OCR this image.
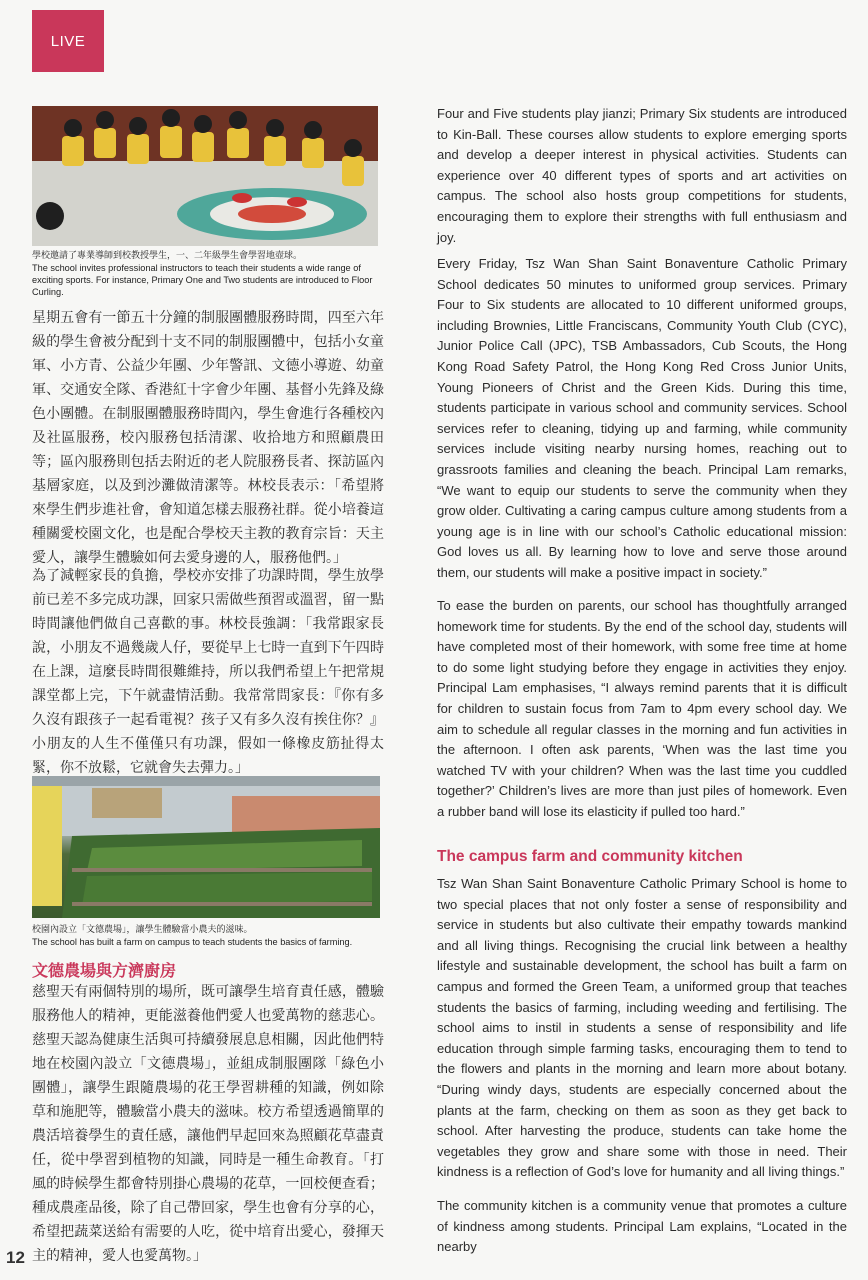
LIVE
學校邀請了專業導師到校教授學生，一、二年級學生會學習地壺球。
The school invites professional instructors to teach their students a wide range of exciting sports. For instance, Primary One and Two students are introduced to Floor Curling.

星期五會有一節五十分鐘的制服團體服務時間，四至六年級的學生會被分配到十支不同的制服團體中，包括小女童軍、小方青、公益少年團、少年警訊、文德小導遊、幼童軍、交通安全隊、香港紅十字會少年團、基督小先鋒及綠色小團體。在制服團體服務時間內，學生會進行各種校內及社區服務，校內服務包括清潔、收拾地方和照顧農田等；區內服務則包括去附近的老人院服務長者、探訪區內基層家庭，以及到沙灘做清潔等。林校長表示：「希望將來學生們步進社會，會知道怎樣去服務社群。從小培養這種關愛校園文化，也是配合學校天主教的教育宗旨：天主愛人，讓學生體驗如何去愛身邊的人，服務他們。」

為了減輕家長的負擔，學校亦安排了功課時間，學生放學前已差不多完成功課，回家只需做些預習或溫習，留一點時間讓他們做自己喜歡的事。林校長強調：「我常跟家長說，小朋友不過幾歲人仔，要從早上七時一直到下午四時在上課，這麼長時間很難維持，所以我們希望上午把常規課堂都上完，下午就盡情活動。我常常問家長：『你有多久沒有跟孩子一起看電視？孩子又有多久沒有挨住你？』小朋友的人生不僅僅只有功課，假如一條橡皮筋扯得太緊，你不放鬆，它就會失去彈力。」

校園內設立「文德農場」，讓學生體驗當小農夫的滋味。
The school has built a farm on campus to teach students the basics of farming.
文德農場與方濟廚房

慈聖天有兩個特別的場所，既可讓學生培育責任感，體驗服務他人的精神，更能滋養他們愛人也愛萬物的慈悲心。慈聖天認為健康生活與可持續發展息息相關，因此他們特地在校園內設立「文德農場」，並組成制服團隊「綠色小團體」，讓學生跟隨農場的花王學習耕種的知識，例如除草和施肥等，體驗當小農夫的滋味。校方希望透過簡單的農活培養學生的責任感，讓他們早起回來為照顧花草盡責任，從中學習到植物的知識，同時是一種生命教育。「打風的時候學生都會特別掛心農場的花草，一回校便查看；種成農產品後，除了自己帶回家，學生也會有分享的心，希望把蔬菜送給有需要的人吃，從中培育出愛心，發揮天主的精神，愛人也愛萬物。」

Four and Five students play jianzi; Primary Six students are introduced to Kin-Ball. These courses allow students to explore emerging sports and develop a deeper interest in physical activities. Students can experience over 40 different types of sports and art activities on campus. The school also hosts group competitions for students, encouraging them to explore their strengths with full enthusiasm and joy.

Every Friday, Tsz Wan Shan Saint Bonaventure Catholic Primary School dedicates 50 minutes to uniformed group services. Primary Four to Six students are allocated to 10 different uniformed groups, including Brownies, Little Franciscans, Community Youth Club (CYC), Junior Police Call (JPC), TSB Ambassadors, Cub Scouts, the Hong Kong Road Safety Patrol, the Hong Kong Red Cross Junior Units, Young Pioneers of Christ and the Green Kids. During this time, students participate in various school and community services. School services refer to cleaning, tidying up and farming, while community services include visiting nearby nursing homes, reaching out to grassroots families and cleaning the beach. Principal Lam remarks, “We want to equip our students to serve the community when they grow older. Cultivating a caring campus culture among students from a young age is in line with our school’s Catholic educational mission: God loves us all. By learning how to love and serve those around them, our students will make a positive impact in society.”

To ease the burden on parents, our school has thoughtfully arranged homework time for students. By the end of the school day, students will have completed most of their homework, with some free time at home to do some light studying before they engage in activities they enjoy. Principal Lam emphasises, “I always remind parents that it is difficult for children to sustain focus from 7am to 4pm every school day. We aim to schedule all regular classes in the morning and fun activities in the afternoon. I often ask parents, ‘When was the last time you watched TV with your children? When was the last time you cuddled together?’ Children’s lives are more than just piles of homework. Even a rubber band will lose its elasticity if pulled too hard.”

The campus farm and community kitchen

Tsz Wan Shan Saint Bonaventure Catholic Primary School is home to two special places that not only foster a sense of responsibility and service in students but also cultivate their empathy towards mankind and all living things. Recognising the crucial link between a healthy lifestyle and sustainable development, the school has built a farm on campus and formed the Green Team, a uniformed group that teaches students the basics of farming, including weeding and fertilising. The school aims to instil in students a sense of responsibility and life education through simple farming tasks, encouraging them to tend to the flowers and plants in the morning and learn more about botany. “During windy days, students are especially concerned about the plants at the farm, checking on them as soon as they get back to school. After harvesting the produce, students can take home the vegetables they grow and share some with those in need. Their kindness is a reflection of God’s love for humanity and all living things.”

The community kitchen is a community venue that promotes a culture of kindness among students. Principal Lam explains, “Located in the nearby

12
